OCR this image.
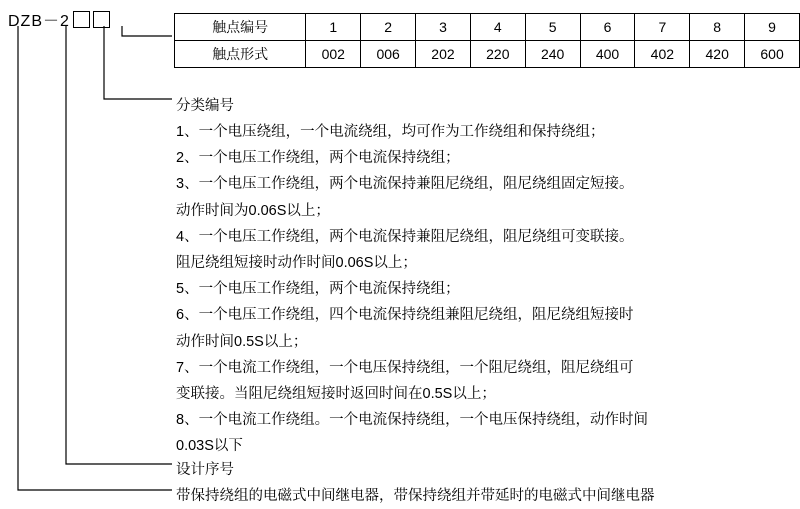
DZB－2	触点编号	1	2	3	4	5	6	7	8	9
触点形式	002	006	202	220	240	400	402	420	600
分类编号
1、一个电压绕组，一个电流绕组，均可作为工作绕组和保持绕组；
2、一个电压工作绕组，两个电流保持绕组；
3、一个电压工作绕组，两个电流保持兼阻尼绕组，阻尼绕组固定短接。
动作时间为0.06S以上；
4、一个电压工作绕组，两个电流保持兼阻尼绕组，阻尼绕组可变联接。
阻尼绕组短接时动作时间0.06S以上；
5、一个电压工作绕组，两个电流保持绕组；
6、一个电压工作绕组，四个电流保持绕组兼阻尼绕组，阻尼绕组短接时
动作时间0.5S以上；
7、一个电流工作绕组，一个电压保持绕组，一个阻尼绕组，阻尼绕组可
变联接。当阻尼绕组短接时返回时间在0.5S以上；
8、一个电流工作绕组。一个电流保持绕组，一个电压保持绕组，动作时间
0.03S以下
设计序号
带保持绕组的电磁式中间继电器，带保持绕组并带延时的电磁式中间继电器
